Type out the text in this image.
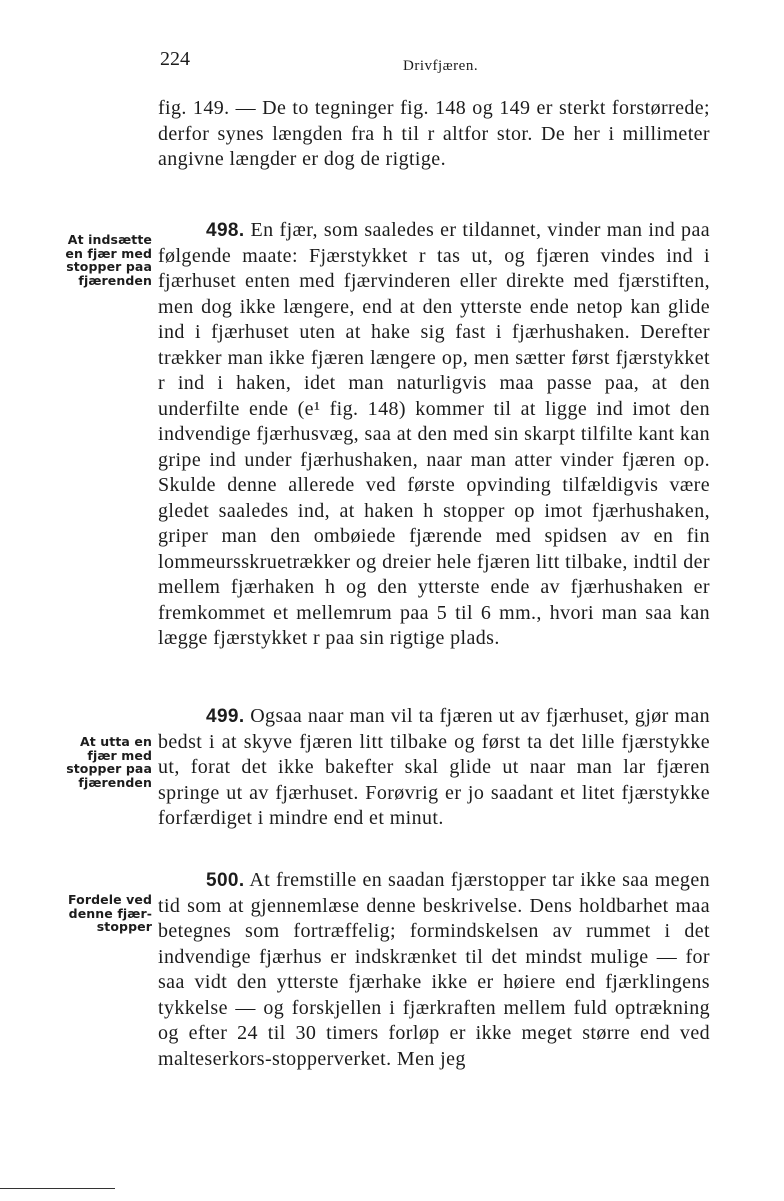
224	Drivfjæren.

fig. 149. — De to tegninger fig. 148 og 149 er sterkt forstørrede; derfor synes længden fra h til r altfor stor. De her i millimeter angivne længder er dog de rigtige.

498. En fjær, som saaledes er tildannet, vinder man ind paa følgende maate: Fjærstykket r tas ut, og fjæren vindes ind i fjærhuset enten med fjærvinderen eller direkte med fjærstiften, men dog ikke længere, end at den ytterste ende netop kan glide ind i fjærhuset uten at hake sig fast i fjærhushaken. Derefter trækker man ikke fjæren længere op, men sætter først fjærstykket r ind i haken, idet man naturligvis maa passe paa, at den underfilte ende (e¹ fig. 148) kommer til at ligge ind imot den indvendige fjærhusvæg, saa at den med sin skarpt tilfilte kant kan gripe ind under fjærhushaken, naar man atter vinder fjæren op. Skulde denne allerede ved første opvinding tilfældigvis være gledet saaledes ind, at haken h stopper op imot fjærhushaken, griper man den ombøiede fjærende med spidsen av en fin lommeursskruetrækker og dreier hele fjæren litt tilbake, indtil der mellem fjærhaken h og den ytterste ende av fjærhushaken er fremkommet et mellemrum paa 5 til 6 mm., hvori man saa kan lægge fjærstykket r paa sin rigtige plads.

At indsætte
en fjær med
stopper paa
fjærenden

499. Ogsaa naar man vil ta fjæren ut av fjærhuset, gjør man bedst i at skyve fjæren litt tilbake og først ta det lille fjærstykke ut, forat det ikke bakefter skal glide ut naar man lar fjæren springe ut av fjærhuset. Forøvrig er jo saadant et litet fjærstykke forfærdiget i mindre end et minut.

At utta en
fjær med
stopper paa
fjærenden

500. At fremstille en saadan fjærstopper tar ikke saa megen tid som at gjennemlæse denne beskrivelse. Dens holdbarhet maa betegnes som fortræffelig; formindskelsen av rummet i det indvendige fjærhus er indskrænket til det mindst mulige — for saa vidt den ytterste fjærhake ikke er høiere end fjærklingens tykkelse — og forskjellen i fjærkraften mellem fuld optrækning og efter 24 til 30 timers forløp er ikke meget større end ved malteserkors-stopperverket. Men jeg

Fordele ved
denne fjær-
stopper
